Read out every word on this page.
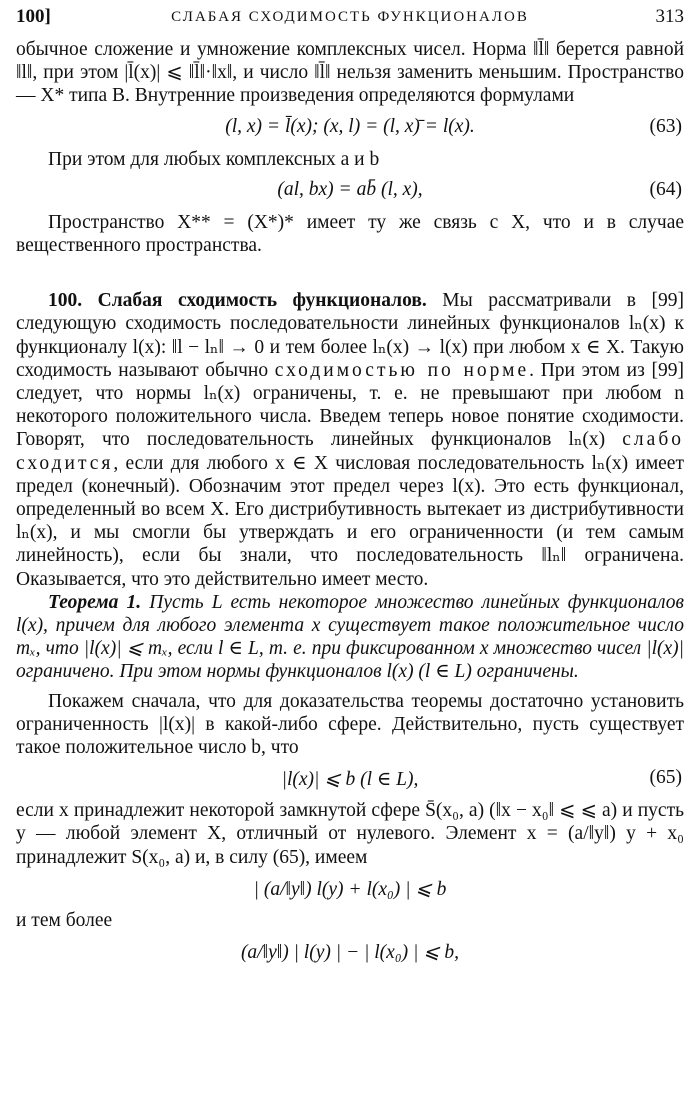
100]	СЛАБАЯ СХОДИМОСТЬ ФУНКЦИОНАЛОВ	313

обычное сложение и умножение комплексных чисел. Норма ‖l̄‖ берется равной ‖l‖, при этом |l̄(x)| ⩽ ‖l̄‖·‖x‖, и число ‖l̄‖ нельзя заменить меньшим. Пространство — X* типа B. Внутренние произведения определяются формулами

(l, x) = l̄(x); (x, l) = (l, x)̄ = l(x).	(63)

При этом для любых комплексных a и b

(al, bx) = ab̄ (l, x),	(64)

Пространство X** = (X*)* имеет ту же связь с X, что и в случае вещественного пространства.

100. Слабая сходимость функционалов. Мы рассматривали в [99] следующую сходимость последовательности линейных функционалов lₙ(x) к функционалу l(x): ‖l − lₙ‖ → 0 и тем более lₙ(x) → l(x) при любом x ∈ X. Такую сходимость называют обычно сходимостью по норме. При этом из [99] следует, что нормы lₙ(x) ограничены, т. е. не превышают при любом n некоторого положительного числа. Введем теперь новое понятие сходимости. Говорят, что последовательность линейных функционалов lₙ(x) слабо сходится, если для любого x ∈ X числовая последовательность lₙ(x) имеет предел (конечный). Обозначим этот предел через l(x). Это есть функционал, определенный во всем X. Его дистрибутивность вытекает из дистрибутивности lₙ(x), и мы смогли бы утверждать и его ограниченности (и тем самым линейность), если бы знали, что последовательность ‖lₙ‖ ограничена. Оказывается, что это действительно имеет место.

Теорема 1. Пусть L есть некоторое множество линейных функционалов l(x), причем для любого элемента x существует такое положительное число mₓ, что |l(x)| ⩽ mₓ, если l ∈ L, т. е. при фиксированном x множество чисел |l(x)| ограничено. При этом нормы функционалов l(x) (l ∈ L) ограничены.

Покажем сначала, что для доказательства теоремы достаточно установить ограниченность |l(x)| в какой-либо сфере. Действительно, пусть существует такое положительное число b, что

|l(x)| ⩽ b (l ∈ L),	(65)

если x принадлежит некоторой замкнутой сфере S̄(x₀, a) (‖x − x₀‖ ⩽ ⩽ a) и пусть y — любой элемент X, отличный от нулевого. Элемент x = (a/‖y‖) y + x₀ принадлежит S(x₀, a) и, в силу (65), имеем

| (a/‖y‖) l(y) + l(x₀) | ⩽ b

и тем более

(a/‖y‖) | l(y) | − | l(x₀) | ⩽ b,
